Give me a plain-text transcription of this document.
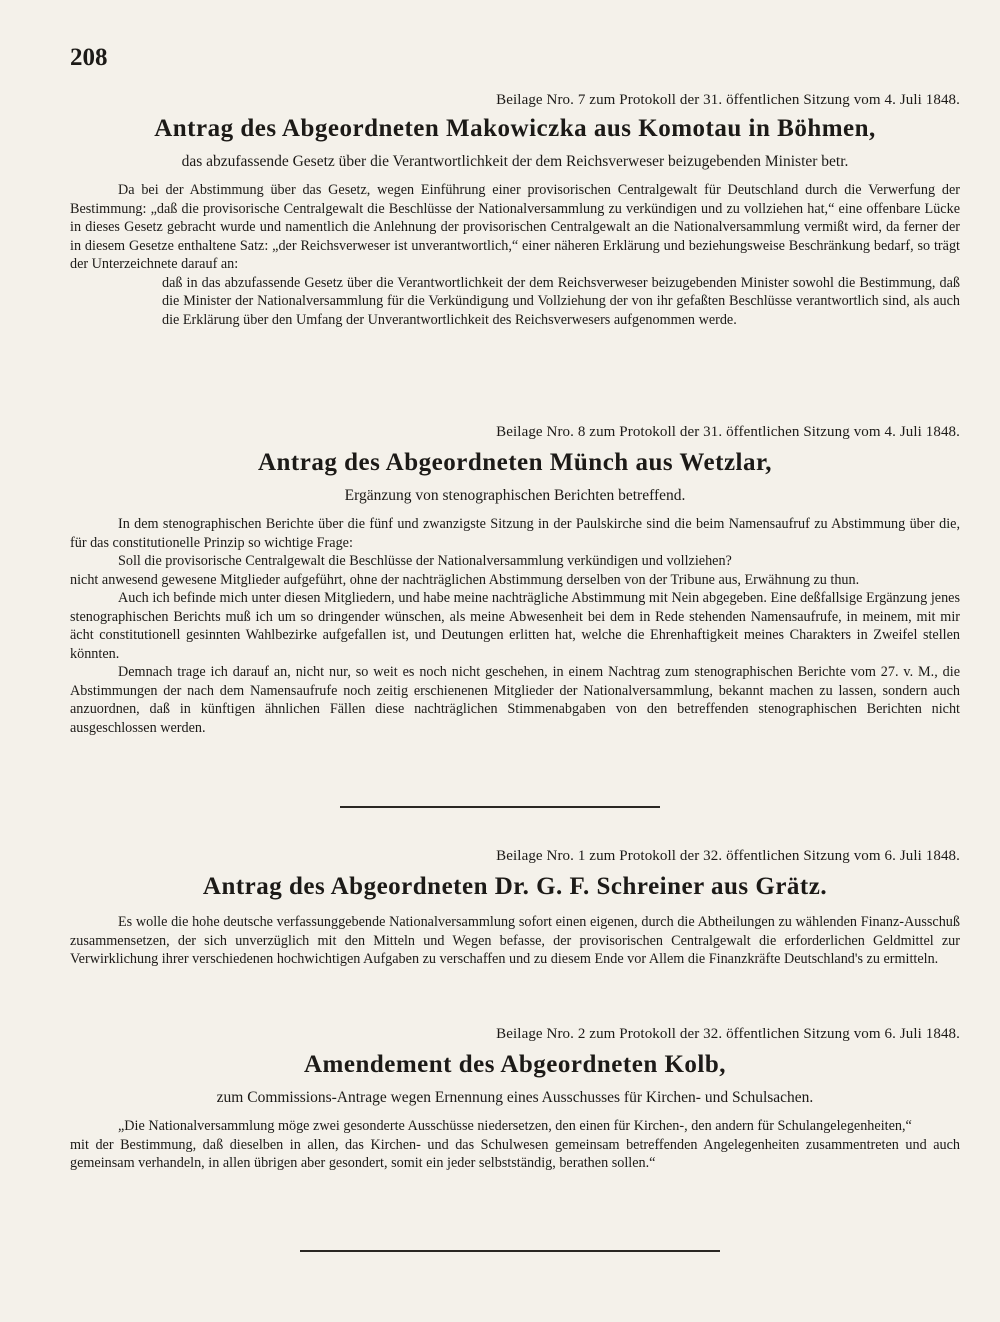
208
Beilage Nro. 7 zum Protokoll der 31. öffentlichen Sitzung vom 4. Juli 1848.
Antrag des Abgeordneten Makowiczka aus Komotau in Böhmen,
das abzufassende Gesetz über die Verantwortlichkeit der dem Reichsverweser beizugebenden Minister betr.

Da bei der Abstimmung über das Gesetz, wegen Einführung einer provisorischen Centralgewalt für Deutschland durch die Verwerfung der Bestimmung: „daß die provisorische Centralgewalt die Beschlüsse der Nationalversammlung zu verkündigen und zu vollziehen hat,“ eine offenbare Lücke in dieses Gesetz gebracht wurde und namentlich die Anlehnung der provisorischen Centralgewalt an die Nationalversammlung vermißt wird, da ferner der in diesem Gesetze enthaltene Satz: „der Reichsverweser ist unverantwortlich,“ einer näheren Erklärung und beziehungsweise Beschränkung bedarf, so trägt der Unterzeichnete darauf an:

daß in das abzufassende Gesetz über die Verantwortlichkeit der dem Reichsverweser beizugebenden Minister sowohl die Bestimmung, daß die Minister der Nationalversammlung für die Verkündigung und Vollziehung der von ihr gefaßten Beschlüsse verantwortlich sind, als auch die Erklärung über den Umfang der Unverantwortlichkeit des Reichsverwesers aufgenommen werde.

Beilage Nro. 8 zum Protokoll der 31. öffentlichen Sitzung vom 4. Juli 1848.
Antrag des Abgeordneten Münch aus Wetzlar,
Ergänzung von stenographischen Berichten betreffend.

In dem stenographischen Berichte über die fünf und zwanzigste Sitzung in der Paulskirche sind die beim Namensaufruf zu Abstimmung über die, für das constitutionelle Prinzip so wichtige Frage:

Soll die provisorische Centralgewalt die Beschlüsse der Nationalversammlung verkündigen und vollziehen?

nicht anwesend gewesene Mitglieder aufgeführt, ohne der nachträglichen Abstimmung derselben von der Tribune aus, Erwähnung zu thun.

Auch ich befinde mich unter diesen Mitgliedern, und habe meine nachträgliche Abstimmung mit Nein abgegeben. Eine deßfallsige Ergänzung jenes stenographischen Berichts muß ich um so dringender wünschen, als meine Abwesenheit bei dem in Rede stehenden Namensaufrufe, in meinem, mit mir ächt constitutionell gesinnten Wahlbezirke aufgefallen ist, und Deutungen erlitten hat, welche die Ehrenhaftigkeit meines Charakters in Zweifel stellen könnten.

Demnach trage ich darauf an, nicht nur, so weit es noch nicht geschehen, in einem Nachtrag zum stenographischen Berichte vom 27. v. M., die Abstimmungen der nach dem Namensaufrufe noch zeitig erschienenen Mitglieder der Nationalversammlung, bekannt machen zu lassen, sondern auch anzuordnen, daß in künftigen ähnlichen Fällen diese nachträglichen Stimmenabgaben von den betreffenden stenographischen Berichten nicht ausgeschlossen werden.

Beilage Nro. 1 zum Protokoll der 32. öffentlichen Sitzung vom 6. Juli 1848.
Antrag des Abgeordneten Dr. G. F. Schreiner aus Grätz.

Es wolle die hohe deutsche verfassunggebende Nationalversammlung sofort einen eigenen, durch die Abtheilungen zu wählenden Finanz-Ausschuß zusammensetzen, der sich unverzüglich mit den Mitteln und Wegen befasse, der provisorischen Centralgewalt die erforderlichen Geldmittel zur Verwirklichung ihrer verschiedenen hochwichtigen Aufgaben zu verschaffen und zu diesem Ende vor Allem die Finanzkräfte Deutschland's zu ermitteln.

Beilage Nro. 2 zum Protokoll der 32. öffentlichen Sitzung vom 6. Juli 1848.
Amendement des Abgeordneten Kolb,
zum Commissions-Antrage wegen Ernennung eines Ausschusses für Kirchen- und Schulsachen.

„Die Nationalversammlung möge zwei gesonderte Ausschüsse niedersetzen, den einen für Kirchen-, den andern für Schulangelegenheiten,“

mit der Bestimmung, daß dieselben in allen, das Kirchen- und das Schulwesen gemeinsam betreffenden Angelegenheiten zusammentreten und auch gemeinsam verhandeln, in allen übrigen aber gesondert, somit ein jeder selbstständig, berathen sollen.“
